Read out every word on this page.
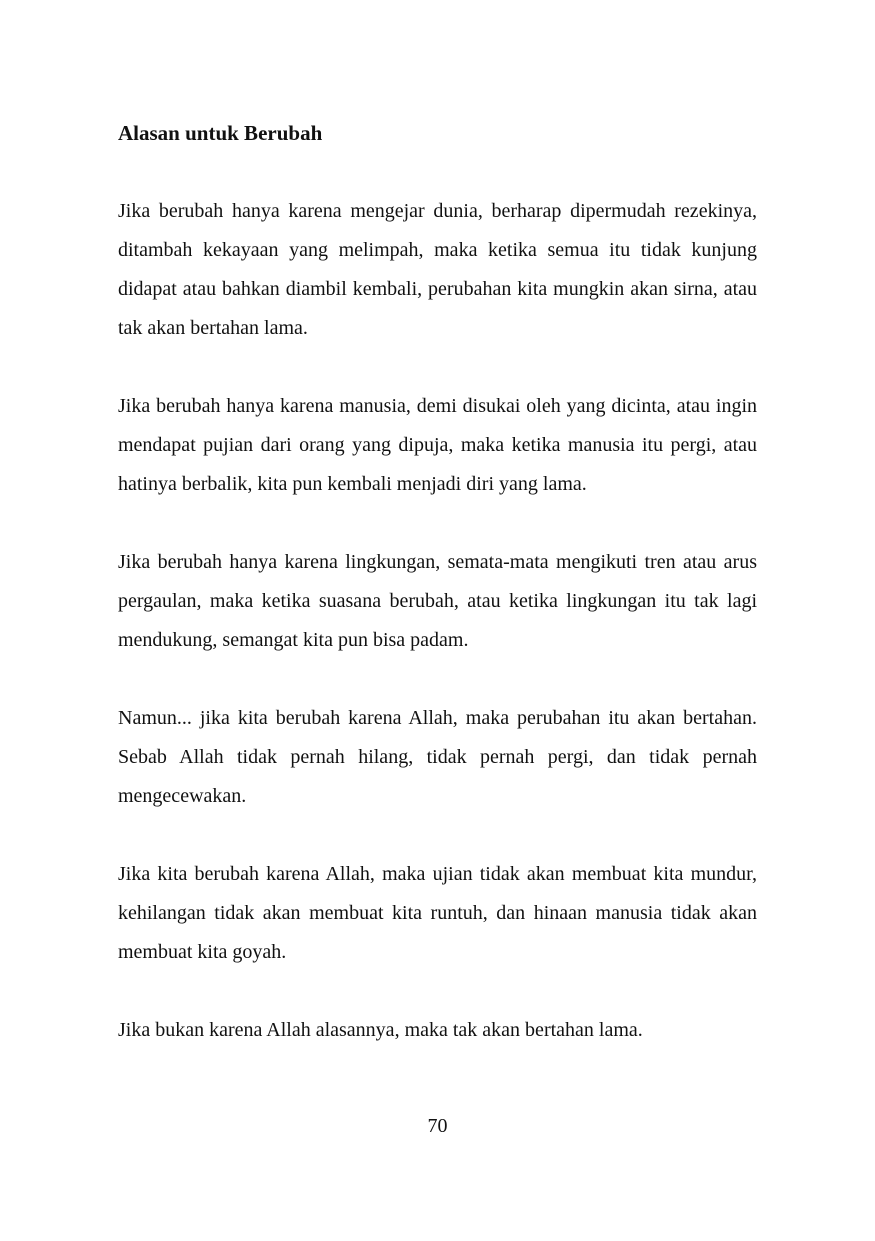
Alasan untuk Berubah

Jika berubah hanya karena mengejar dunia, berharap dipermudah rezekinya, ditambah kekayaan yang melimpah, maka ketika semua itu tidak kunjung didapat atau bahkan diambil kembali, perubahan kita mungkin akan sirna, atau tak akan bertahan lama.

Jika berubah hanya karena manusia, demi disukai oleh yang dicinta, atau ingin mendapat pujian dari orang yang dipuja, maka ketika manusia itu pergi, atau hatinya berbalik, kita pun kembali menjadi diri yang lama.

Jika berubah hanya karena lingkungan, semata-mata mengikuti tren atau arus pergaulan, maka ketika suasana berubah, atau ketika lingkungan itu tak lagi mendukung, semangat kita pun bisa padam.

Namun... jika kita berubah karena Allah, maka perubahan itu akan bertahan. Sebab Allah tidak pernah hilang, tidak pernah pergi, dan tidak pernah mengecewakan.

Jika kita berubah karena Allah, maka ujian tidak akan membuat kita mundur, kehilangan tidak akan membuat kita runtuh, dan hinaan manusia tidak akan membuat kita goyah.

Jika bukan karena Allah alasannya, maka tak akan bertahan lama.

70
